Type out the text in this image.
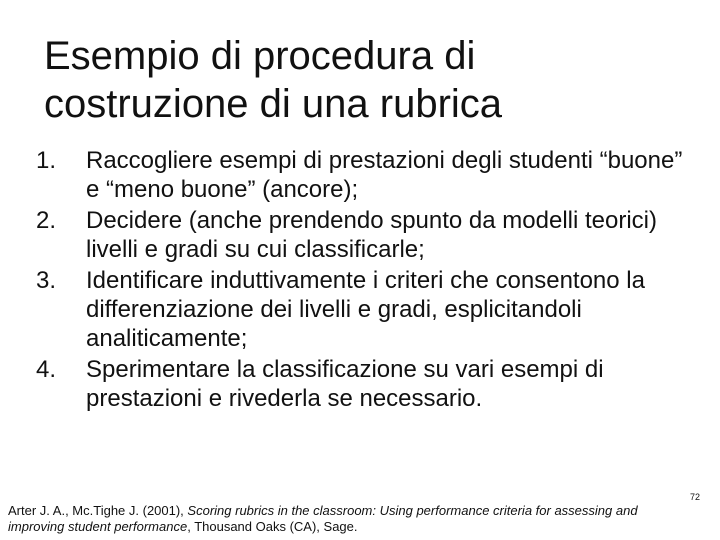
Esempio di procedura di costruzione di una rubrica
1.	Raccogliere esempi di prestazioni degli studenti “buone” e “meno buone” (ancore);
2.	Decidere (anche prendendo spunto da modelli teorici) livelli e gradi su cui classificarle;
3.	Identificare induttivamente i criteri che consentono la differenziazione dei livelli e gradi, esplicitandoli analiticamente;
4.	Sperimentare la classificazione su vari esempi di prestazioni e rivederla se necessario.
Arter J. A., Mc.Tighe J. (2001), Scoring rubrics in the classroom: Using performance criteria for assessing and improving student performance, Thousand Oaks (CA), Sage.
72
